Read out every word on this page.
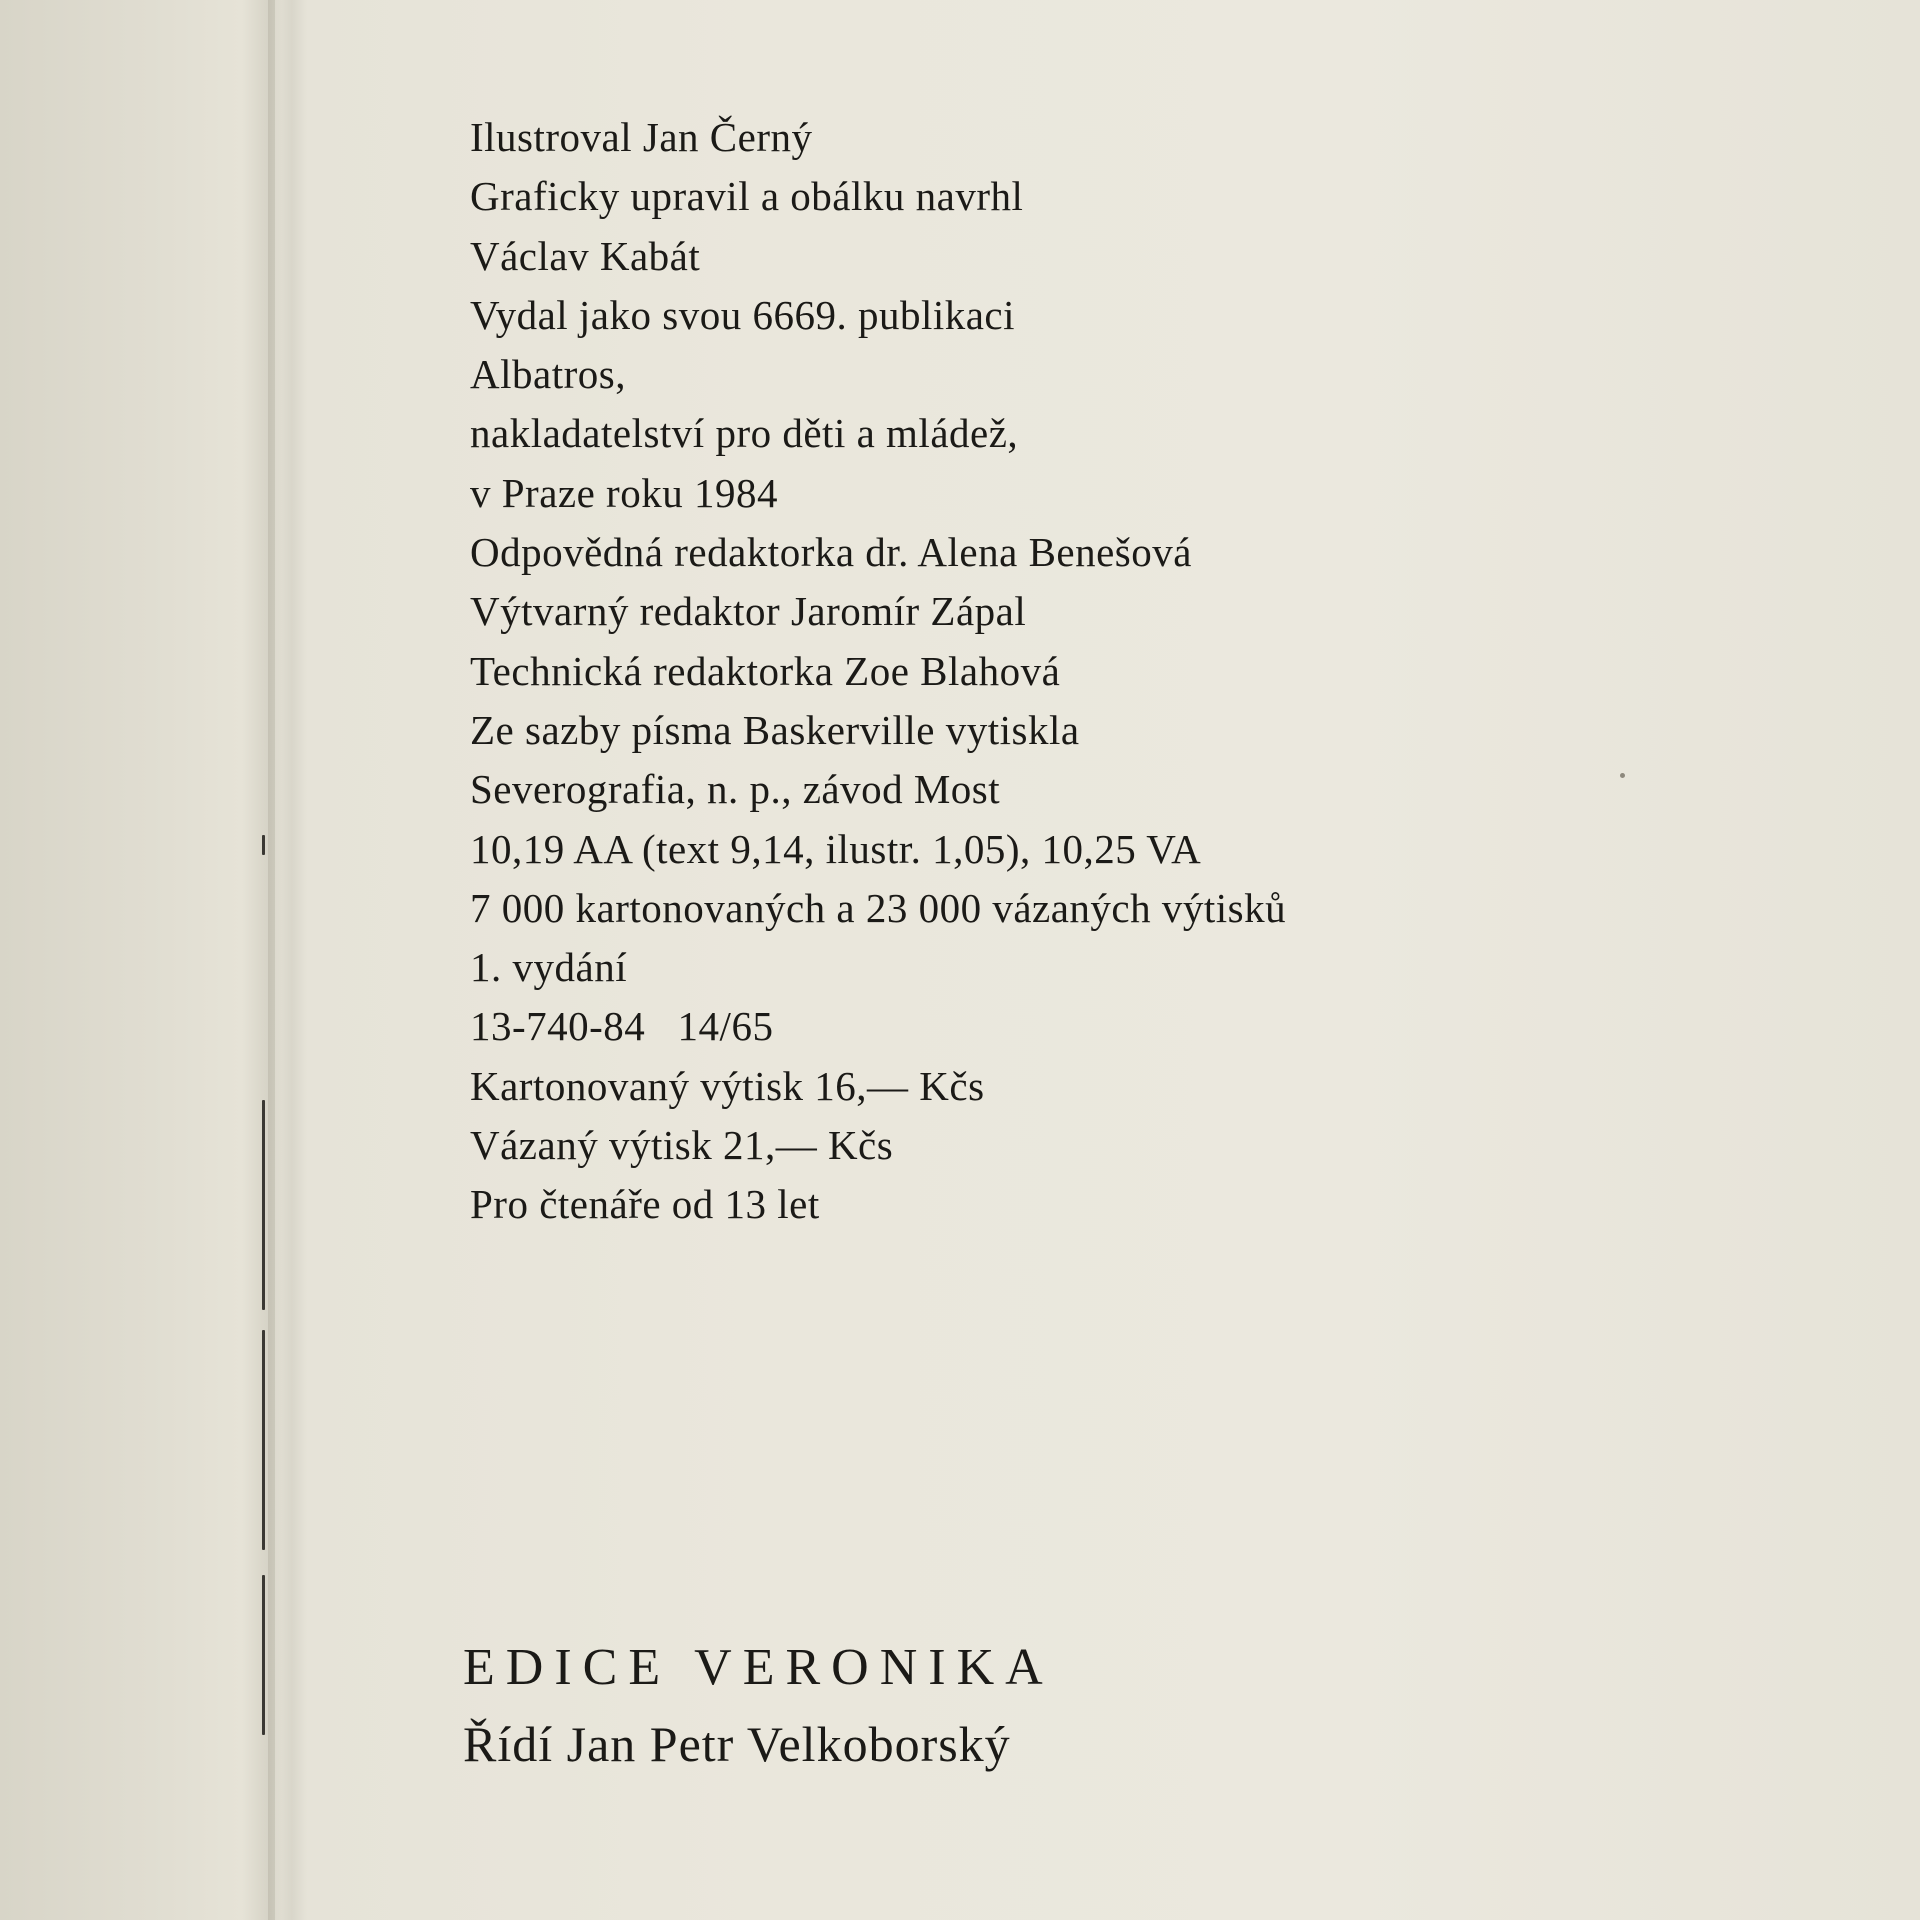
Ilustroval Jan Černý
Graficky upravil a obálku navrhl
Václav Kabát
Vydal jako svou 6669. publikaci
Albatros,
nakladatelství pro děti a mládež,
v Praze roku 1984
Odpovědná redaktorka dr. Alena Benešová
Výtvarný redaktor Jaromír Zápal
Technická redaktorka Zoe Blahová
Ze sazby písma Baskerville vytiskla
Severografia, n. p., závod Most
10,19 AA (text 9,14, ilustr. 1,05), 10,25 VA
7 000 kartonovaných a 23 000 vázaných výtisků
1. vydání
13-740-84   14/65
Kartonovaný výtisk 16,— Kčs
Vázaný výtisk 21,— Kčs
Pro čtenáře od 13 let
EDICE VERONIKA
Řídí Jan Petr Velkoborský
